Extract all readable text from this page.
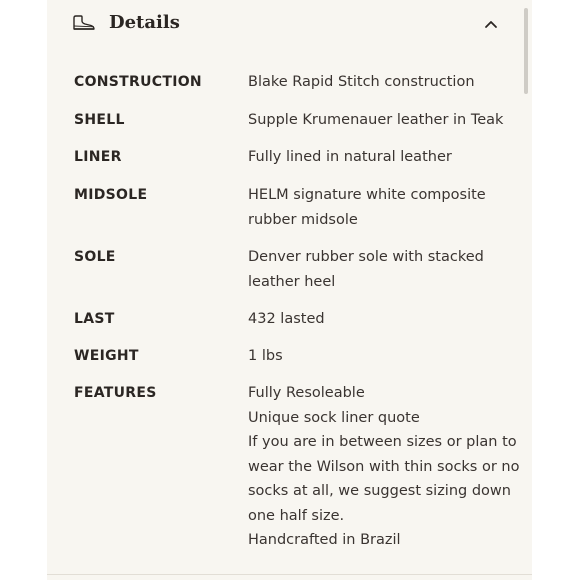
Details
CONSTRUCTION	Blake Rapid Stitch construction
SHELL	Supple Krumenauer leather in Teak
LINER	Fully lined in natural leather
MIDSOLE	HELM signature white composite
rubber midsole
SOLE	Denver rubber sole with stacked
leather heel
LAST	432 lasted
WEIGHT	1 lbs
FEATURES	Fully Resoleable
Unique sock liner quote
If you are in between sizes or plan to
wear the Wilson with thin socks or no
socks at all, we suggest sizing down
one half size.
Handcrafted in Brazil
